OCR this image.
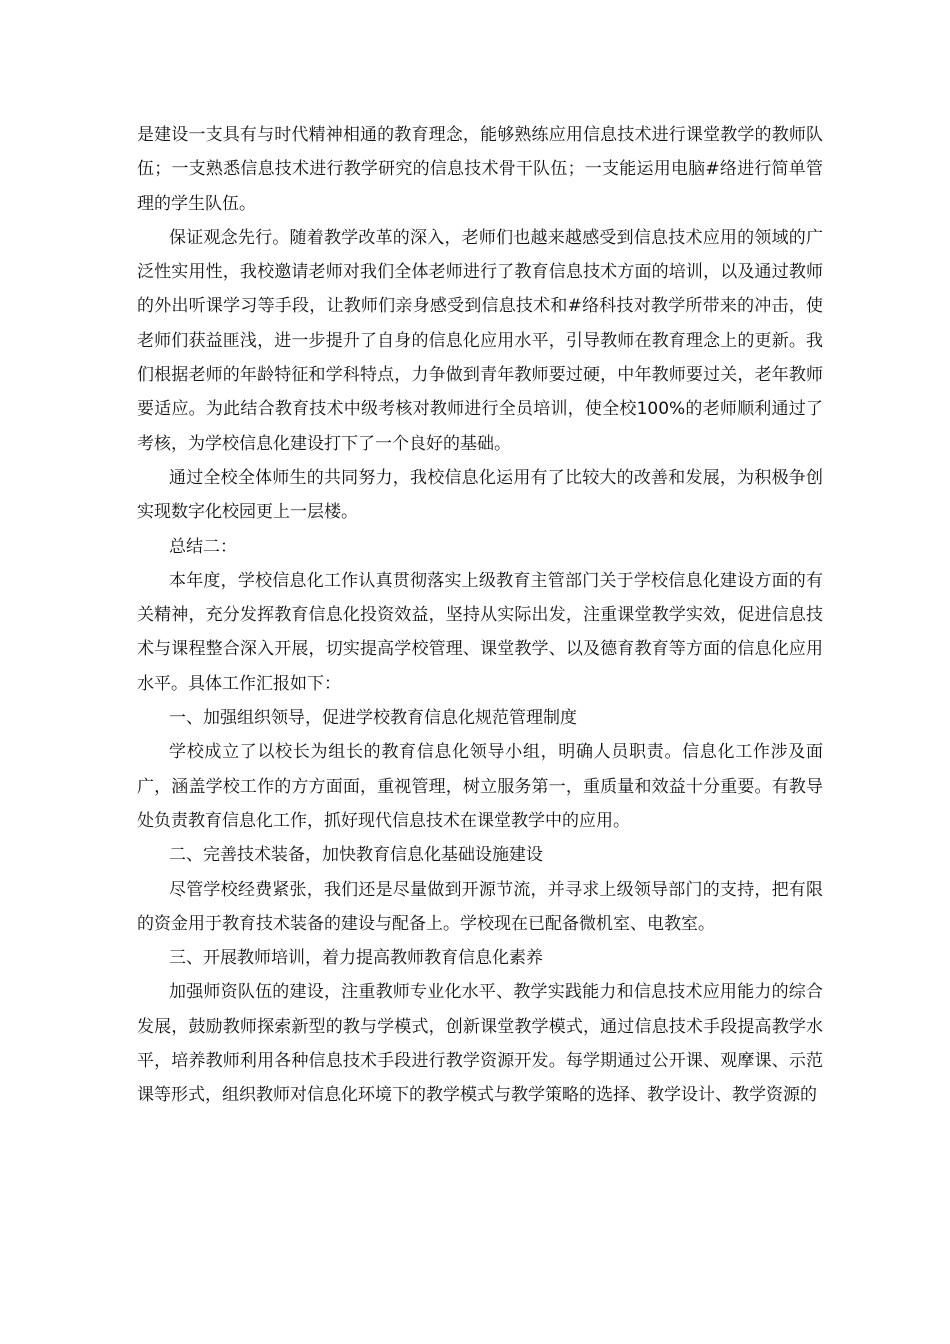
是建设一支具有与时代精神相通的教育理念，能够熟练应用信息技术进行课堂教学的教师队伍；一支熟悉信息技术进行教学研究的信息技术骨干队伍；一支能运用电脑#络进行简单管理的学生队伍。

保证观念先行。随着教学改革的深入，老师们也越来越感受到信息技术应用的领域的广泛性实用性，我校邀请老师对我们全体老师进行了教育信息技术方面的培训，以及通过教师的外出听课学习等手段，让教师们亲身感受到信息技术和#络科技对教学所带来的冲击，使老师们获益匪浅，进一步提升了自身的信息化应用水平，引导教师在教育理念上的更新。我们根据老师的年龄特征和学科特点，力争做到青年教师要过硬，中年教师要过关，老年教师要适应。为此结合教育技术中级考核对教师进行全员培训，使全校100%的老师顺利通过了考核，为学校信息化建设打下了一个良好的基础。

通过全校全体师生的共同努力，我校信息化运用有了比较大的改善和发展，为积极争创实现数字化校园更上一层楼。

总结二：

本年度，学校信息化工作认真贯彻落实上级教育主管部门关于学校信息化建设方面的有关精神，充分发挥教育信息化投资效益，坚持从实际出发，注重课堂教学实效，促进信息技术与课程整合深入开展，切实提高学校管理、课堂教学、以及德育教育等方面的信息化应用水平。具体工作汇报如下：

一、加强组织领导，促进学校教育信息化规范管理制度

学校成立了以校长为组长的教育信息化领导小组，明确人员职责。信息化工作涉及面广，涵盖学校工作的方方面面，重视管理，树立服务第一，重质量和效益十分重要。有教导处负责教育信息化工作，抓好现代信息技术在课堂教学中的应用。

二、完善技术装备，加快教育信息化基础设施建设

尽管学校经费紧张，我们还是尽量做到开源节流，并寻求上级领导部门的支持，把有限的资金用于教育技术装备的建设与配备上。学校现在已配备微机室、电教室。

三、开展教师培训，着力提高教师教育信息化素养

加强师资队伍的建设，注重教师专业化水平、教学实践能力和信息技术应用能力的综合发展，鼓励教师探索新型的教与学模式，创新课堂教学模式，通过信息技术手段提高教学水平，培养教师利用各种信息技术手段进行教学资源开发。每学期通过公开课、观摩课、示范课等形式，组织教师对信息化环境下的教学模式与教学策略的选择、教学设计、教学资源的
